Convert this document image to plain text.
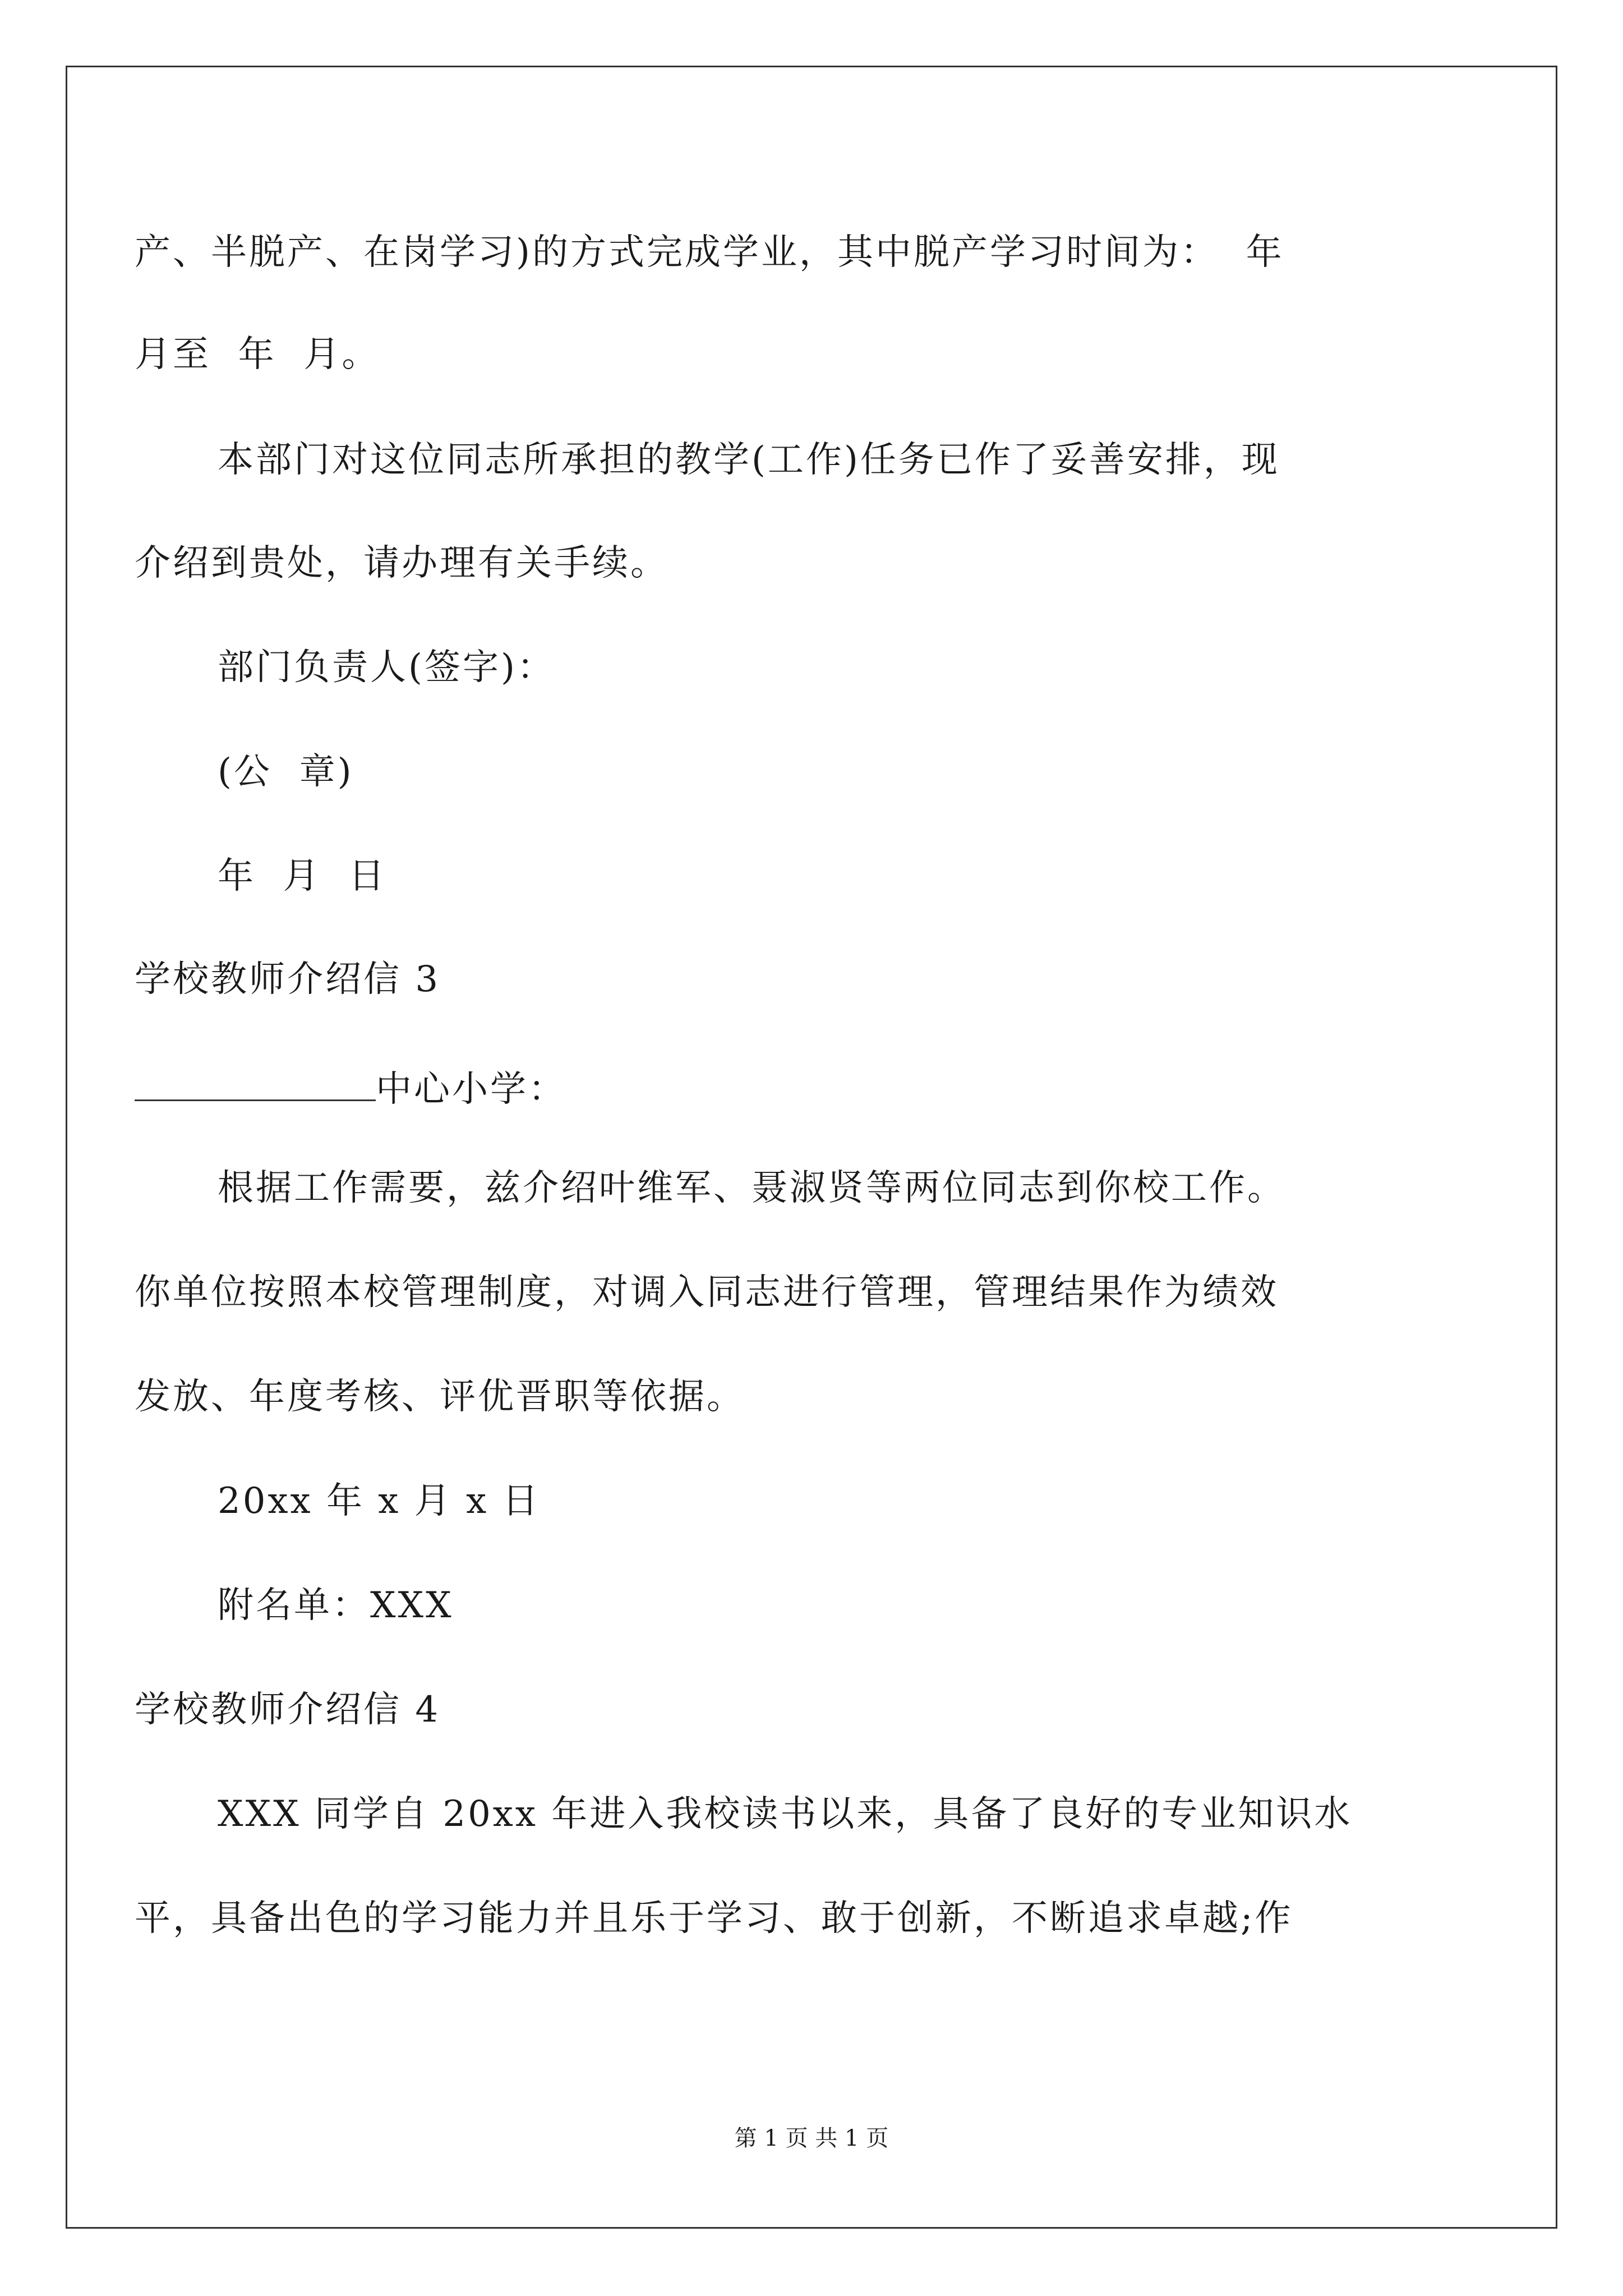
产、半脱产、在岗学习)的方式完成学业，其中脱产学习时间为：  年
月至  年  月。
本部门对这位同志所承担的教学(工作)任务已作了妥善安排，现
介绍到贵处，请办理有关手续。
部门负责人(签字)：
(公  章)
年  月  日
学校教师介绍信 3
中心小学：
根据工作需要，兹介绍叶维军、聂淑贤等两位同志到你校工作。
你单位按照本校管理制度，对调入同志进行管理，管理结果作为绩效
发放、年度考核、评优晋职等依据。
20xx 年 x 月 x 日
附名单：XXX
学校教师介绍信 4
XXX 同学自 20xx 年进入我校读书以来，具备了良好的专业知识水
平，具备出色的学习能力并且乐于学习、敢于创新，不断追求卓越;作
第 1 页 共 1 页
